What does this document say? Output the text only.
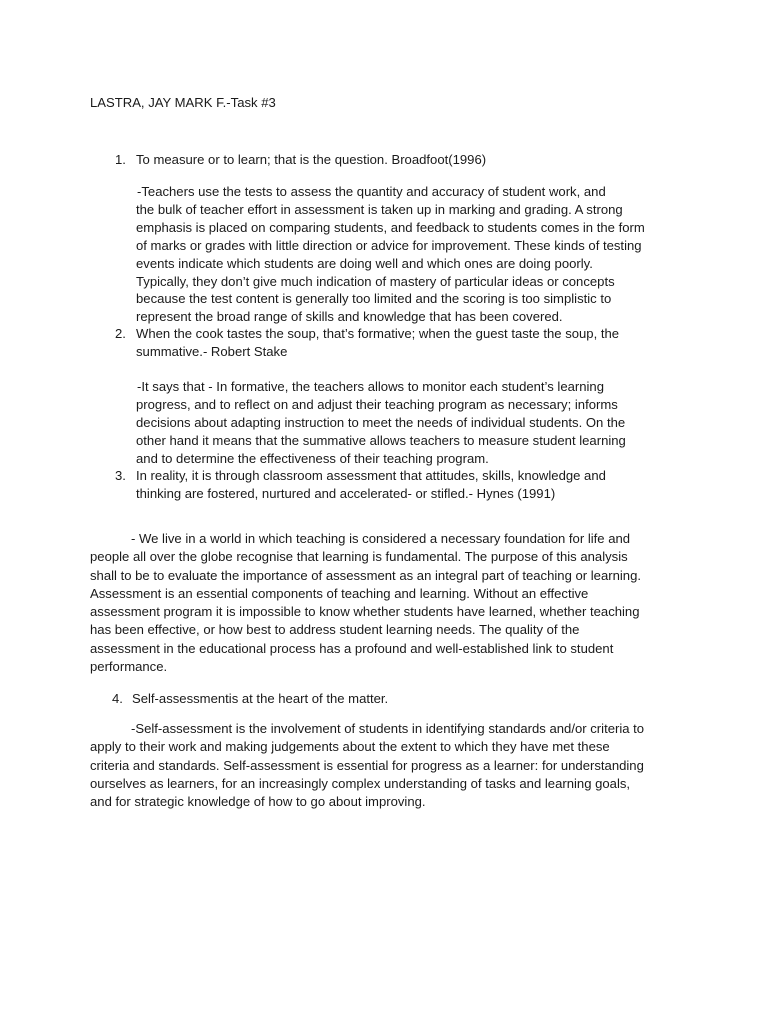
LASTRA, JAY MARK F.-Task #3
1. To measure or to learn; that is the question. Broadfoot(1996)
-Teachers use the tests to assess the quantity and accuracy of student work, and
the bulk of teacher effort in assessment is taken up in marking and grading. A strong
emphasis is placed on comparing students, and feedback to students comes in the form
of marks or grades with little direction or advice for improvement. These kinds of testing
events indicate which students are doing well and which ones are doing poorly.
Typically, they don’t give much indication of mastery of particular ideas or concepts
because the test content is generally too limited and the scoring is too simplistic to
represent the broad range of skills and knowledge that has been covered.
2. When the cook tastes the soup, that’s formative; when the guest taste the soup, the
summative.- Robert Stake
-It says that - In formative, the teachers allows to monitor each student’s learning
progress, and to reflect on and adjust their teaching program as necessary; informs
decisions about adapting instruction to meet the needs of individual students. On the
other hand it means that the summative allows teachers to measure student learning
and to determine the effectiveness of their teaching program.
3. In reality, it is through classroom assessment that attitudes, skills, knowledge and
thinking are fostered, nurtured and accelerated- or stifled.- Hynes (1991)
- We live in a world in which teaching is considered a necessary foundation for life and
people all over the globe recognise that learning is fundamental. The purpose of this analysis
shall to be to evaluate the importance of assessment as an integral part of teaching or learning.
Assessment is an essential components of teaching and learning. Without an effective
assessment program it is impossible to know whether students have learned, whether teaching
has been effective, or how best to address student learning needs. The quality of the
assessment in the educational process has a profound and well-established link to student
performance.
4. Self-assessmentis at the heart of the matter.
-Self-assessment is the involvement of students in identifying standards and/or criteria to
apply to their work and making judgements about the extent to which they have met these
criteria and standards. Self-assessment is essential for progress as a learner: for understanding
ourselves as learners, for an increasingly complex understanding of tasks and learning goals,
and for strategic knowledge of how to go about improving.
